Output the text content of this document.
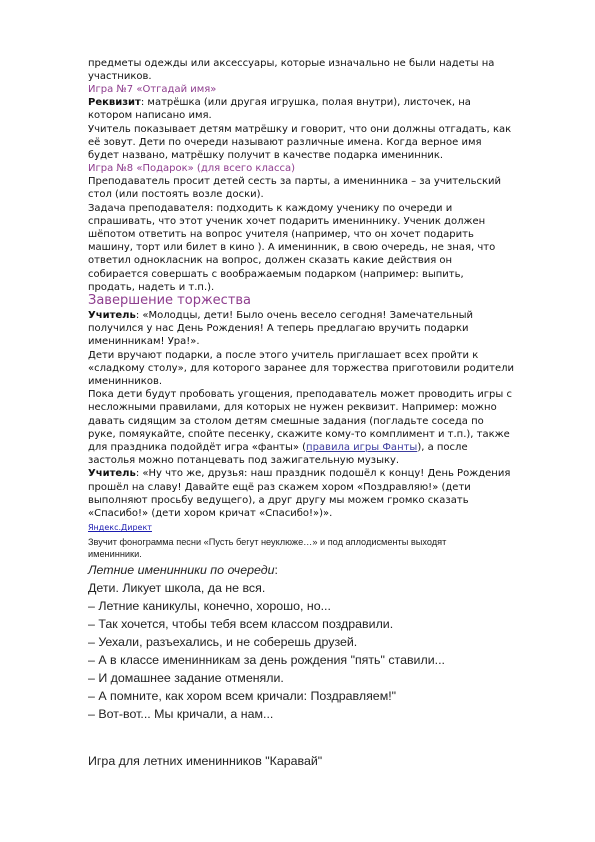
предметы одежды или аксессуары, которые изначально не были надеты на

участников.

Игра №7 «Отгадай имя»

Реквизит: матрёшка (или другая игрушка, полая внутри), листочек, на

котором написано имя.

Учитель показывает детям матрёшку и говорит, что они должны отгадать, как

её зовут. Дети по очереди называют различные имена. Когда верное имя

будет названо, матрёшку получит в качестве подарка именинник.

Игра №8 «Подарок» (для всего класса)

Преподаватель просит детей сесть за парты, а именинника – за учительский

стол (или постоять возле доски).

Задача преподавателя: подходить к каждому ученику по очереди и

спрашивать, что этот ученик хочет подарить имениннику. Ученик должен

шёпотом ответить на вопрос учителя (например, что он хочет подарить

машину, торт или билет в кино ). А именинник, в свою очередь, не зная, что

ответил однокласник на вопрос, должен сказать какие действия он

собирается совершать с воображаемым подарком (например: выпить,

продать, надеть и т.п.).

Завершение торжества

Учитель: «Молодцы, дети! Было очень весело сегодня! Замечательный

получился у нас День Рождения! А теперь предлагаю вручить подарки

именинникам! Ура!».

Дети вручают подарки, а после этого учитель приглашает всех пройти к

«сладкому столу», для которого заранее для торжества приготовили родители

именинников.

Пока дети будут пробовать угощения, преподаватель может проводить игры с

несложными правилами, для которых не нужен реквизит. Например: можно

давать сидящим за столом детям смешные задания (погладьте соседа по

руке, помяукайте, спойте песенку, скажите кому-то комплимент и т.п.), также

для праздника подойдёт игра «фанты» (правила игры Фанты), а после

застолья можно потанцевать под зажигательную музыку.

Учитель: «Ну что же, друзья: наш праздник подошёл к концу! День Рождения

прошёл на славу! Давайте ещё раз скажем хором «Поздравляю!» (дети

выполняют просьбу ведущего), а друг другу мы можем громко сказать

«Спасибо!» (дети хором кричат «Спасибо!»)».

Яндекс.Директ

Звучит фонограмма песни «Пусть бегут неуклюже…» и под аплодисменты выходят

именинники.

Летние именинники по очереди:

Дети. Ликует школа, да не вся.

– Летние каникулы, конечно, хорошо, но...

– Так хочется, чтобы тебя всем классом поздравили.

– Уехали, разъехались, и не соберешь друзей.

– А в классе именинникам за день рождения "пять" ставили...

– И домашнее задание отменяли.

– А помните, как хором всем кричали: Поздравляем!"

– Вот-вот... Мы кричали, а нам...

Игра для летних именинников "Каравай"
